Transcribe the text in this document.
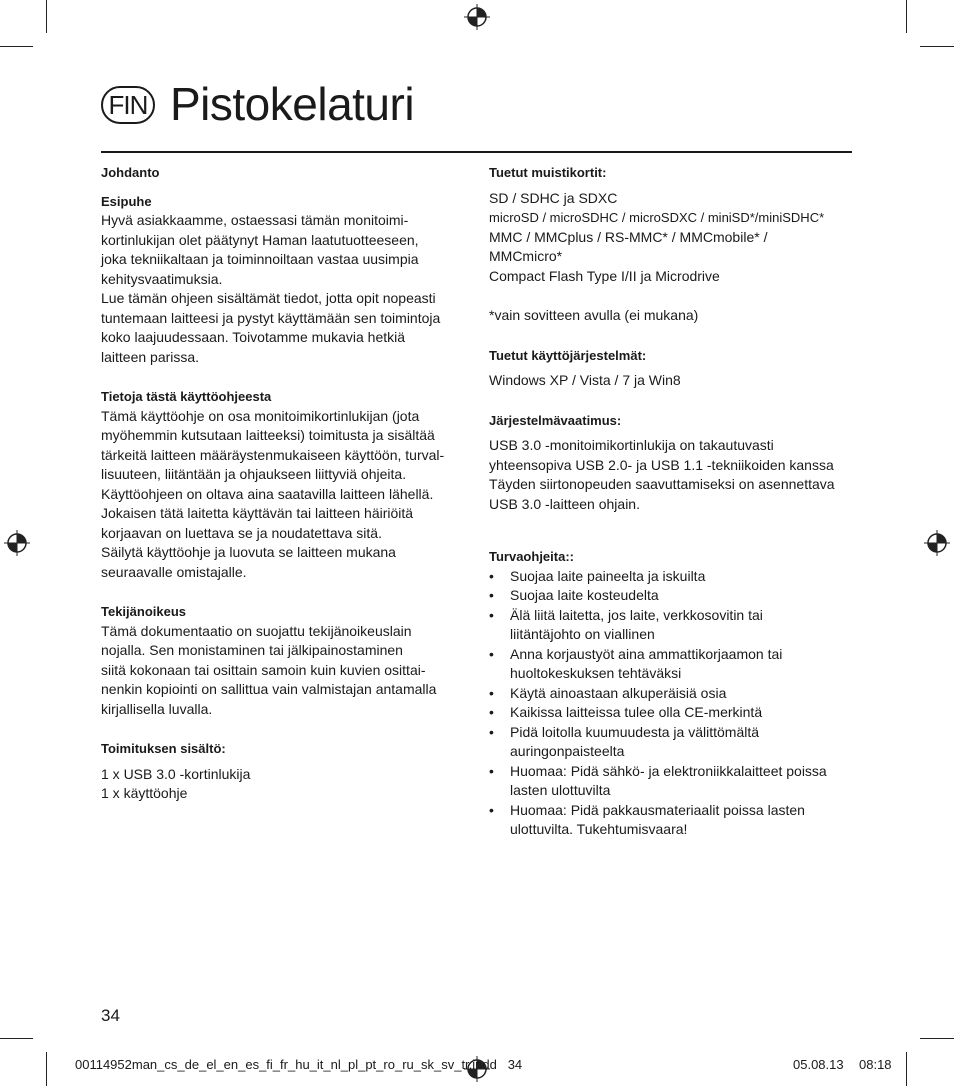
FIN Pistokelaturi

Johdanto

Esipuhe

Hyvä asiakkaamme, ostaessasi tämän monitoimi-
kortinlukijan olet päätynyt Haman laatutuotteeseen,
joka tekniikaltaan ja toiminnoiltaan vastaa uusimpia
kehitysvaatimuksia.
Lue tämän ohjeen sisältämät tiedot, jotta opit nopeasti
tuntemaan laitteesi ja pystyt käyttämään sen toimintoja
koko laajuudessaan. Toivotamme mukavia hetkiä
laitteen parissa.

Tietoja tästä käyttöohjeesta

Tämä käyttöohje on osa monitoimikortinlukijan (jota
myöhemmin kutsutaan laitteeksi) toimitusta ja sisältää
tärkeitä laitteen määräystenmukaiseen käyttöön, turval-
lisuuteen, liitäntään ja ohjaukseen liittyviä ohjeita.
Käyttöohjeen on oltava aina saatavilla laitteen lähellä.
Jokaisen tätä laitetta käyttävän tai laitteen häiriöitä
korjaavan on luettava se ja noudatettava sitä.
Säilytä käyttöohje ja luovuta se laitteen mukana
seuraavalle omistajalle.

Tekijänoikeus

Tämä dokumentaatio on suojattu tekijänoikeuslain
nojalla. Sen monistaminen tai jälkipainostaminen
siitä kokonaan tai osittain samoin kuin kuvien osittai-
nenkin kopiointi on sallittua vain valmistajan antamalla
kirjallisella luvalla.

Toimituksen sisältö:

1 x USB 3.0 -kortinlukija
1 x käyttöohje

Tuetut muistikortit:

SD / SDHC ja SDXC

microSD / microSDHC / microSDXC / miniSD*/miniSDHC*

MMC / MMCplus / RS-MMC* / MMCmobile* /
MMCmicro*

Compact Flash Type I/II ja Microdrive

*vain sovitteen avulla (ei mukana)

Tuetut käyttöjärjestelmät:

Windows XP / Vista / 7 ja Win8

Järjestelmävaatimus:

USB 3.0 -monitoimikortinlukija on takautuvasti
yhteensopiva USB 2.0- ja USB 1.1 -tekniikoiden kanssa
Täyden siirtonopeuden saavuttamiseksi on asennettava
USB 3.0 -laitteen ohjain.

Turvaohjeita::

• Suojaa laite paineelta ja iskuilta
• Suojaa laite kosteudelta
• Älä liitä laitetta, jos laite, verkkosovitin tai
liitäntäjohto on viallinen
• Anna korjaustyöt aina ammattikorjaamon tai
huoltokeskuksen tehtäväksi
• Käytä ainoastaan alkuperäisiä osia
• Kaikissa laitteissa tulee olla CE-merkintä
• Pidä loitolla kuumuudesta ja välittömältä
auringonpaisteelta
• Huomaa: Pidä sähkö- ja elektroniikkalaitteet poissa
lasten ulottuvilta
• Huomaa: Pidä pakkausmateriaalit poissa lasten
ulottuvilta. Tukehtumisvaara!
34
00114952man_cs_de_el_en_es_fi_fr_hu_it_nl_pl_pt_ro_ru_sk_sv_tr.indd   34	05.08.13 08:18
